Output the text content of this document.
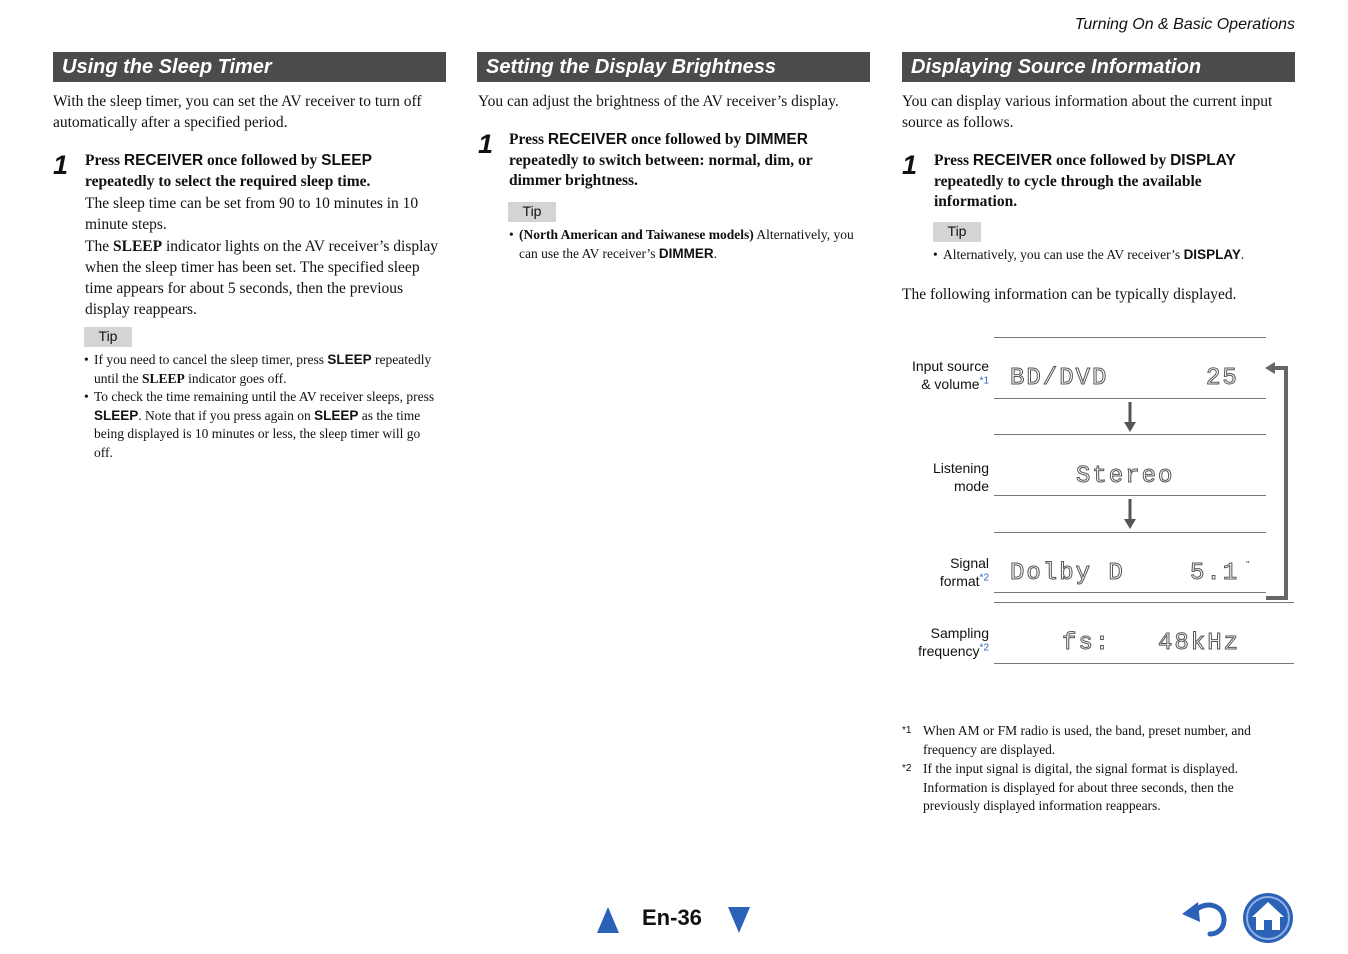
Turning On & Basic Operations
Using the Sleep Timer
With the sleep timer, you can set the AV receiver to turn off automatically after a specified period.
1 Press RECEIVER once followed by SLEEP repeatedly to select the required sleep time.
The sleep time can be set from 90 to 10 minutes in 10 minute steps.
The SLEEP indicator lights on the AV receiver’s display when the sleep timer has been set. The specified sleep time appears for about 5 seconds, then the previous display reappears.
Tip
• If you need to cancel the sleep timer, press SLEEP repeatedly until the SLEEP indicator goes off.
• To check the time remaining until the AV receiver sleeps, press SLEEP. Note that if you press again on SLEEP as the time being displayed is 10 minutes or less, the sleep timer will go off.
Setting the Display Brightness
You can adjust the brightness of the AV receiver’s display.
1 Press RECEIVER once followed by DIMMER repeatedly to switch between: normal, dim, or dimmer brightness.
Tip
• (North American and Taiwanese models) Alternatively, you can use the AV receiver’s DIMMER.
Displaying Source Information
You can display various information about the current input source as follows.
1 Press RECEIVER once followed by DISPLAY repeatedly to cycle through the available information.
Tip
• Alternatively, you can use the AV receiver’s DISPLAY.
The following information can be typically displayed.
Input source
& volume$^{*1}$ BD/DVD	25
Listening
mode	Stereo
Signal
format$^{*2}$ Dolby D	5.1 "
Sampling
frequency$^{*2}$	fs: 48kHz
*1 When AM or FM radio is used, the band, preset number, and frequency are displayed.
*2 If the input signal is digital, the signal format is displayed. Information is displayed for about three seconds, then the previously displayed information reappears.
En-36
